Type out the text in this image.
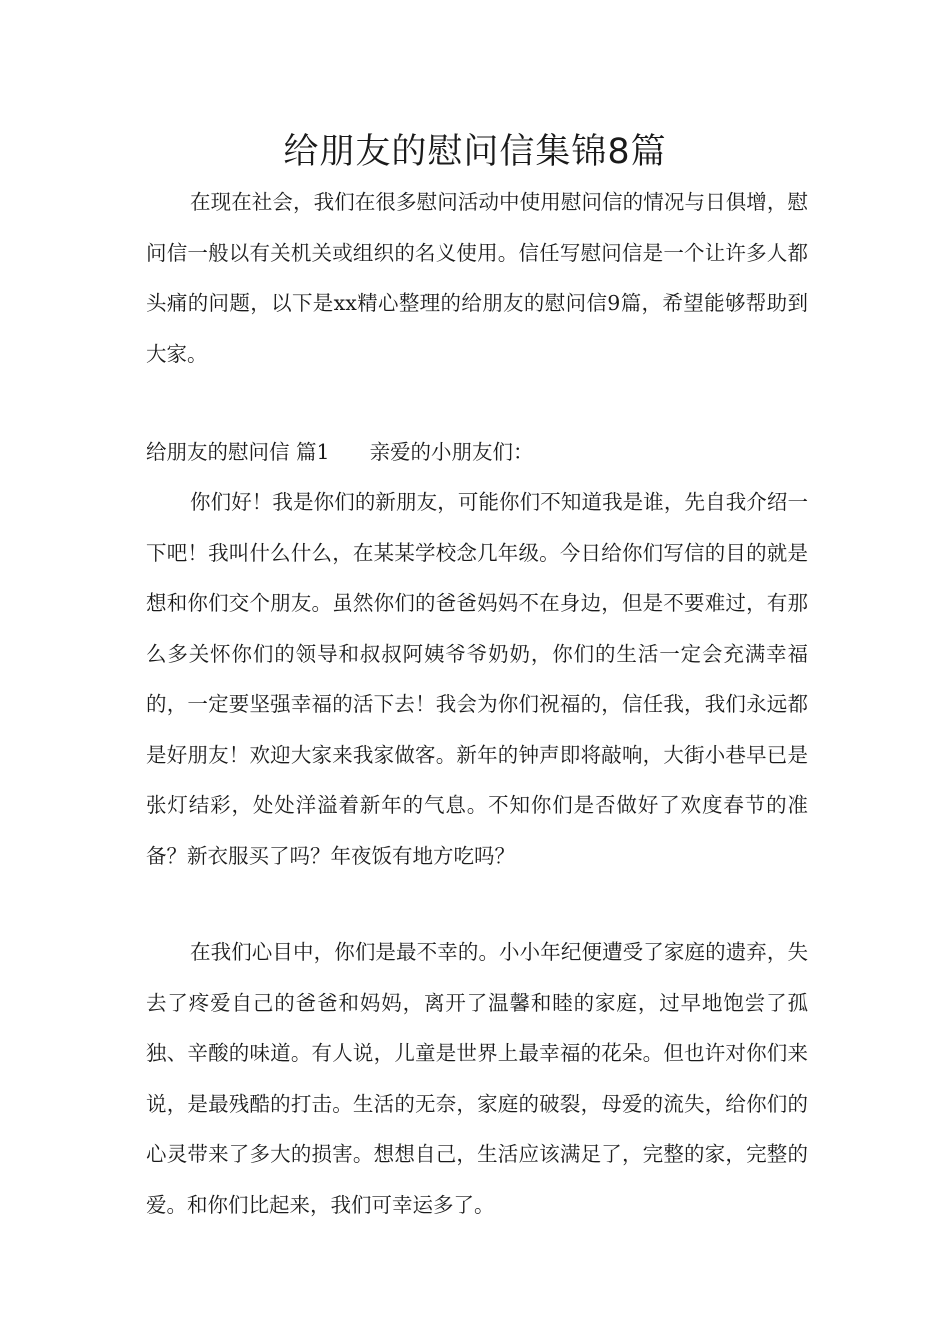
给朋友的慰问信集锦8篇

在现在社会，我们在很多慰问活动中使用慰问信的情况与日俱增，慰问信一般以有关机关或组织的名义使用。信任写慰问信是一个让许多人都头痛的问题，以下是xx精心整理的给朋友的慰问信9篇，希望能够帮助到大家。

给朋友的慰问信 篇1 亲爱的小朋友们：

你们好！我是你们的新朋友，可能你们不知道我是谁，先自我介绍一下吧！我叫什么什么，在某某学校念几年级。今日给你们写信的目的就是想和你们交个朋友。虽然你们的爸爸妈妈不在身边，但是不要难过，有那么多关怀你们的领导和叔叔阿姨爷爷奶奶，你们的生活一定会充满幸福的，一定要坚强幸福的活下去！我会为你们祝福的，信任我，我们永远都是好朋友！欢迎大家来我家做客。新年的钟声即将敲响，大街小巷早已是张灯结彩，处处洋溢着新年的气息。不知你们是否做好了欢度春节的准备？新衣服买了吗？年夜饭有地方吃吗？

在我们心目中，你们是最不幸的。小小年纪便遭受了家庭的遗弃，失去了疼爱自己的爸爸和妈妈，离开了温馨和睦的家庭，过早地饱尝了孤独、辛酸的味道。有人说，儿童是世界上最幸福的花朵。但也许对你们来说，是最残酷的打击。生活的无奈，家庭的破裂，母爱的流失，给你们的心灵带来了多大的损害。想想自己，生活应该满足了，完整的家，完整的爱。和你们比起来，我们可幸运多了。
